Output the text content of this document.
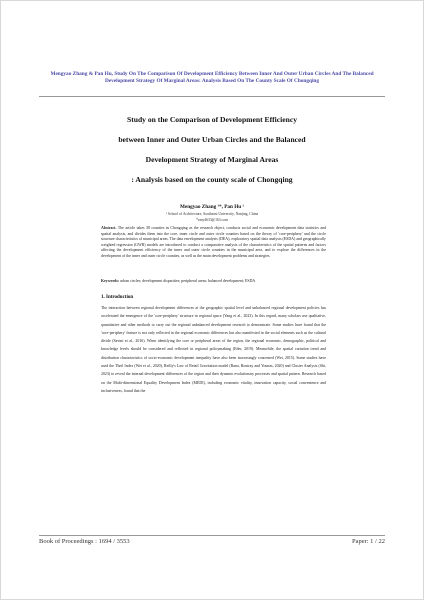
Mengyao Zhang & Pan Hu, Study On The Comparison Of Development Efficiency Between Inner And Outer Urban Circles And The Balanced Development Strategy Of Marginal Areas: Analysis Based On The County Scale Of Chongqing
Study on the Comparison of Development Efficiency
between Inner and Outer Urban Circles and the Balanced
Development Strategy of Marginal Areas
: Analysis based on the county scale of Chongqing
Mengyao Zhang ¹*, Pan Hu ¹
¹ School of Architecture, Southeast University, Nanjing, China
*zmy4633@163.com
Abstract. The article takes 38 counties in Chongqing as the research object, conducts social and economic development data statistics and spatial analysis, and divides them into the core, inner circle and outer circle counties based on the theory of 'core-periphery' and the circle structure characteristics of municipal areas. The data envelopment analysis (DEA), exploratory spatial data analysis (ESDA) and geographically weighted regression (GWR) models are introduced to conduct a comparative analysis of the characteristics of the spatial patterns and factors affecting the development efficiency of the inner and outer circle counties in the municipal area, and to explore the differences in the development of the inner and outer circle counties, as well as the main development problems and strategies.
Keywords: urban circles; development disparities; peripheral areas; balanced development; ESDA
1. Introduction
The interaction between regional development differences at the geographic spatial level and unbalanced regional development policies has accelerated the emergence of the 'core-periphery' structure in regional space (Yang et al., 2023). In this regard, many scholars use qualitative, quantitative and other methods to carry out the regional unbalanced development research to demonstrate. Some studies have found that the 'core-periphery' feature is not only reflected in the regional economic differences but also manifested in the social elements such as the cultural divide (Savini et al., 2016). When identifying the core or peripheral areas of the region, the regional economic, demographic, political and knowledge levels should be considered and reflected in regional policymaking (Eder, 2019). Meanwhile, the spatial variation trend and distribution characteristics of socio-economic development inequality have also been increasingly concerned (Wei, 2015). Some studies have used the Theil Index (Wei et al., 2020), Reilly's Law of Retail Gravitation model (Rana, Routray and Younas, 2020) and Cluster Analysis (Shi, 2023) to reveal the internal development differences of the region and their dynamic evolutionary processes and spatial pattern. Research based on the Multi-dimensional Equality Development Index (MEDI), including economic vitality, innovation capacity, social convenience and inclusiveness, found that the
Book of Proceedings : 1694 / 3553	Paper: 1 / 22
